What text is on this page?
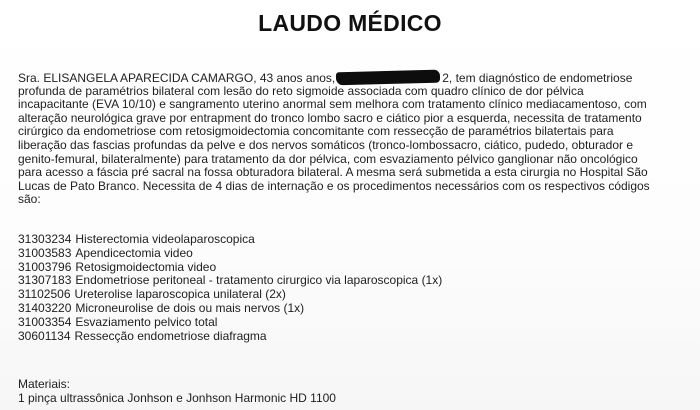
LAUDO MÉDICO
Sra. ELISANGELA APARECIDA CAMARGO, 43 anos anos,	2, tem diagnóstico de endometriose
profunda de paramétrios bilateral com lesão do reto sigmoide associada com quadro clínico de dor pélvica
incapacitante (EVA 10/10) e sangramento uterino anormal sem melhora com tratamento clínico mediacamentoso, com
alteração neurológica grave por entrapment do tronco lombo sacro e ciático pior a esquerda, necessita de tratamento
cirúrgico da endometriose com retosigmoidectomia concomitante com ressecção de paramétrios bilatertais para
liberação das fascias profundas da pelve e dos nervos somáticos (tronco-lombossacro, ciático, pudedo, obturador e
genito-femural, bilateralmente) para tratamento da dor pélvica, com esvaziamento pélvico ganglionar não oncológico
para acesso a fáscia pré sacral na fossa obturadora bilateral. A mesma será submetida a esta cirurgia no Hospital São
Lucas de Pato Branco. Necessita de 4 dias de internação e os procedimentos necessários com os respectivos códigos
são:
31303234 Histerectomia videolaparoscopica
31003583 Apendicectomia video
31003796 Retosigmoidectomia video
31307183 Endometriose peritoneal - tratamento cirurgico via laparoscopica (1x)
31102506 Ureterolise laparoscopica unilateral (2x)
31403220 Microneurolise de dois ou mais nervos (1x)
31003354 Esvaziamento pelvico total
30601134 Ressecção endometriose diafragma
Materiais:
1 pinça ultrassônica Jonhson e Jonhson Harmonic HD 1100
